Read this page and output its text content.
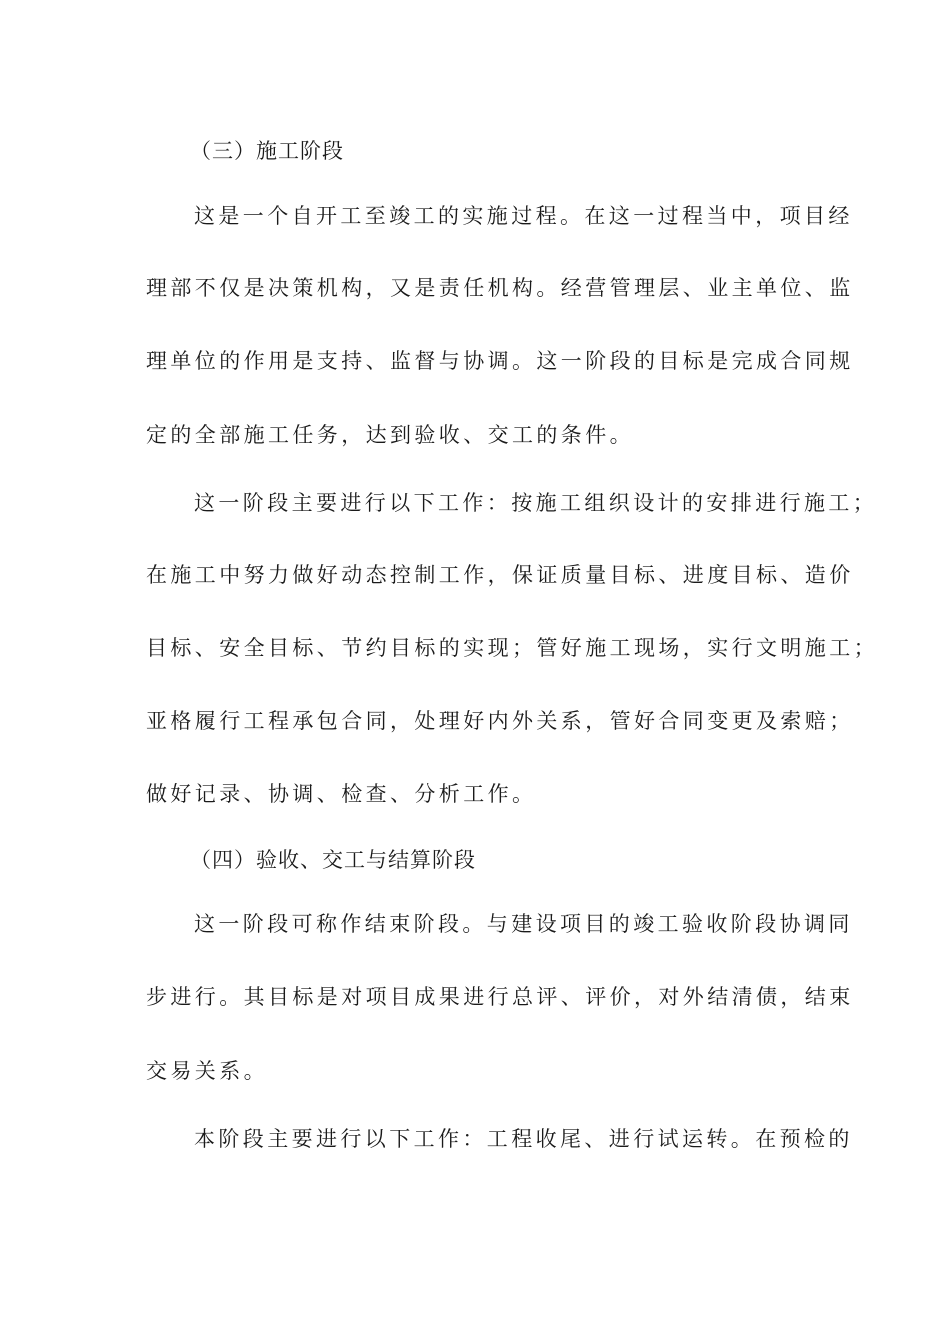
（三）施工阶段
这是一个自开工至竣工的实施过程。在这一过程当中，项目经
理部不仅是决策机构，又是责任机构。经营管理层、业主单位、监
理单位的作用是支持、监督与协调。这一阶段的目标是完成合同规
定的全部施工任务，达到验收、交工的条件。
这一阶段主要进行以下工作：按施工组织设计的安排进行施工；
在施工中努力做好动态控制工作，保证质量目标、进度目标、造价
目标、安全目标、节约目标的实现；管好施工现场，实行文明施工；
亚格履行工程承包合同，处理好内外关系，管好合同变更及索赔；
做好记录、协调、检查、分析工作。
（四）验收、交工与结算阶段
这一阶段可称作结束阶段。与建设项目的竣工验收阶段协调同
步进行。其目标是对项目成果进行总评、评价，对外结清债，结束
交易关系。
本阶段主要进行以下工作：工程收尾、进行试运转。在预检的
